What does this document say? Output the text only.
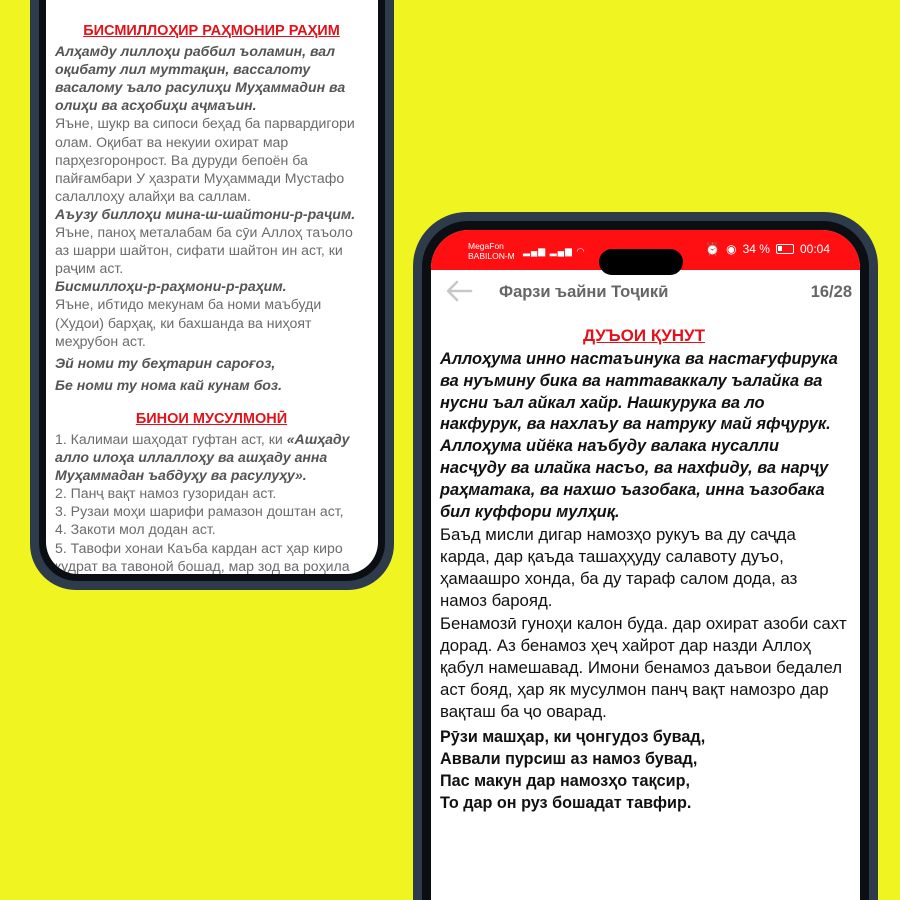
БИСМИЛЛОҲИР РАҲМОНИР РАҲИМ
Алҳамду лиллоҳи раббил ъоламин, вал оқибату лил муттақин, вассалоту васалому ъало расулиҳи Муҳаммадин ва олиҳи ва асҳобиҳи аҷмаъин.
Яъне, шукр ва сипоси беҳад ба парвардигори олам. Оқибат ва некуии охират мар парҳезгоронрост. Ва дуруди бепоён ба пайғамбари У ҳазрати Муҳаммади Мустафо салаллоҳу алайҳи ва саллам.
Аъузу биллоҳи мина-ш-шайтони-р-раҷим.
Яъне, паноҳ металабам ба сӯи Аллоҳ таъоло аз шарри шайтон, сифати шайтон ин аст, ки раҷим аст.
Бисмиллоҳи-р-раҳмони-р-раҳим.
Яъне, ибтидо мекунам ба номи маъбуди (Худои) барҳақ, ки бахшанда ва ниҳоят меҳрубон аст.
Эй номи ту беҳтарин сароғоз,
Бе номи ту нома кай кунам боз.
БИНОИ МУСУЛМОНӢ
1. Калимаи шаҳодат гуфтан аст, ки «Ашҳаду алло илоҳа иллаллоҳу ва ашҳаду анна Муҳаммадан ъабдуҳу ва расулуҳу».
2. Панҷ вақт намоз гузоридан аст.
3. Рузаи моҳи шарифи рамазон доштан аст,
4. Закоти мол додан аст.
5. Тавофи хонаи Каъба кардан аст ҳар киро қудрат ва тавоной бошад, мар зод ва роҳила
MegaFon
BABILON-M ▂▄▆ ▂▄▆ ◠	⏰ ◉ 34 %	00:04
Фарзи ъайни Тоҷикӣ	16/28
ДУЪОИ ҚУНУТ
Аллоҳума инно настаъинука ва настағуфирука ва нуъмину бика ва наттаваккалу ъалайка ва нусни ъал айкал хайр. Нашкурука ва ло накфурук, ва нахлаъу ва натруку май яфҷурук. Аллоҳума ийёка наъбуду валака нусалли насҷуду ва илайка насъо, ва нахфиду, ва нарҷу раҳматака, ва нахшо ъазобака, инна ъазобака бил куффори мулҳиқ.
Баъд мисли дигар намозҳо рукуъ ва ду саҷда карда, дар қаъда ташаҳҳуду салавоту дуъо, ҳамаашро хонда, ба ду тараф салом дода, аз намоз барояд.
Бенамозӣ гуноҳи калон буда. дар охират азоби сахт дорад. Аз бенамоз ҳеҷ хайрот дар назди Аллоҳ қабул намешавад. Имони бенамоз даъвои бедалел аст бояд, ҳар як мусулмон панҷ вақт намозро дар вақташ ба ҷо оварад.
Рӯзи машҳар, ки ҷонгудоз бувад,
Аввали пурсиш аз намоз бувад,
Пас макун дар намозҳо тақсир,
То дар он руз бошадат тавфир.
